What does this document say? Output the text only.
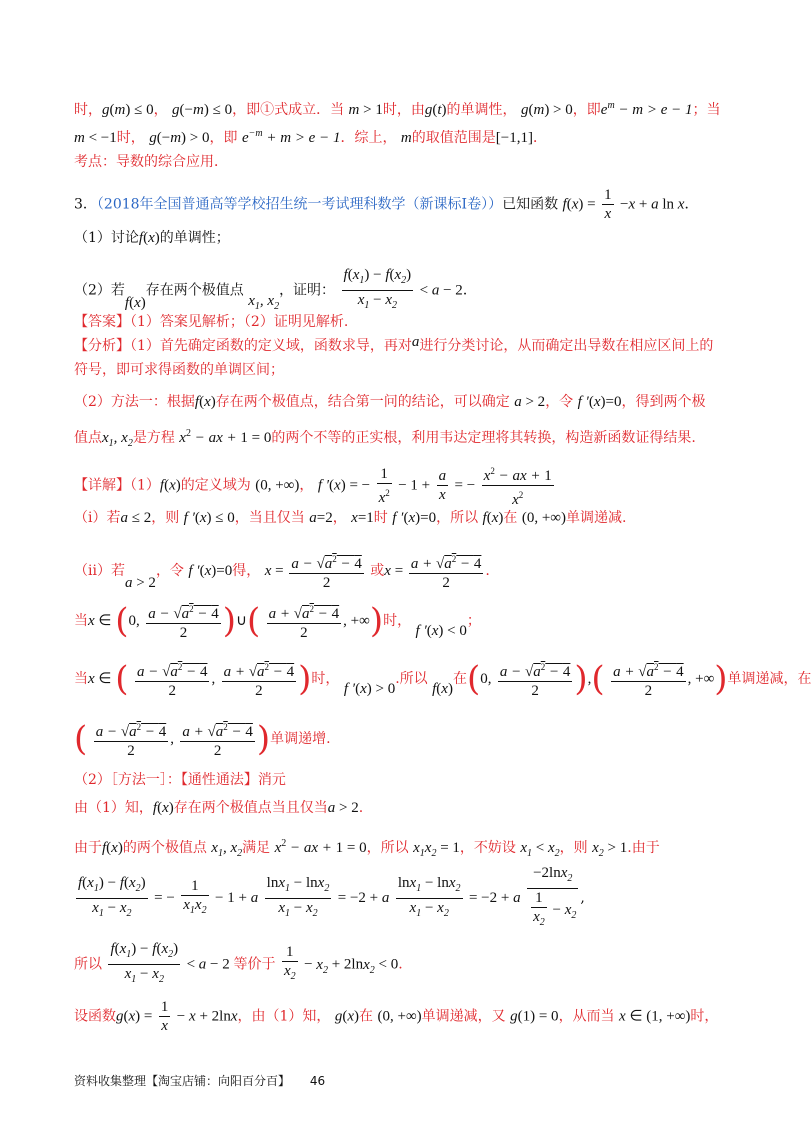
时，g(m) ≤ 0， g(−m) ≤ 0，即①式成立．当 m > 1时，由g(t)的单调性， g(m) > 0，即$e^m - m > e - 1$；当
m < −1时， g(−m) > 0，即 $e^{-m} + m > e - 1$．综上， m的取值范围是[−1,1]．
考点：导数的综合应用．
3．（2018年全国普通高等学校招生统一考试理科数学（新课标I卷））已知函数 $f(x) = \frac{1}{x} -x + a$ ln x．
（1）讨论f(x)的单调性；
（2）若f(x)存在两个极值点 $x_1$, $x_2$，证明： $\frac{f(x_1) - f(x_2)}{x_1 - x_2} < a - 2$．
【答案】（1）答案见解析；（2）证明见解析.
【分析】（1）首先确定函数的定义域，函数求导，再对a进行分类讨论，从而确定出导数在相应区间上的
符号，即可求得函数的单调区间；
（2）方法一：根据f(x)存在两个极值点，结合第一问的结论，可以确定 a > 2，令 f ′(x)=0，得到两个极
值点$x_1$, $x_2$是方程 $x^2$ − ax + 1 = 0的两个不等的正实根，利用韦达定理将其转换，构造新函数证得结果.
【详解】（1）f(x)的定义域为 (0, +∞)， f ′(x) = − $\frac{1}{x^2} - 1 + \frac{a}{x}$ = − $\frac{x^2 - ax + 1}{x^2}$
（i）若a ≤ 2，则 f ′(x) ≤ 0，当且仅当 a=2， x=1时 f ′(x)=0，所以 f(x)在 (0, +∞)单调递减.
（ii）若a > 2，令 f ′(x)=0得， $x = \frac{a - √a^2 - 4}{2}$ 或$x = \frac{a + √a^2 - 4}{2}$ .
当x ∈ (0, $\frac{a - √a^2 - 4}{2}$ )∪( $\frac{a + √a^2 - 4}{2}$ , +∞)时， f ′(x) < 0；
当x ∈ ( $\frac{a - √a^2 - 4}{2}$ , $\frac{a + √a^2 - 4}{2}$ )时， f ′(x) > 0.所以 f(x)在(0, $\frac{a - √a^2 - 4}{2}$ ),( $\frac{a + √a^2 - 4}{2}$ , +∞)单调递减，在
( $\frac{a - √a^2 - 4}{2}$ , $\frac{a + √a^2 - 4}{2}$ )单调递增.
（2）［方法一］：【通性通法】消元
由（1）知，f(x)存在两个极值点当且仅当a > 2.
由于f(x)的两个极值点 $x_1$, $x_2$满足 $x^2$ − ax + 1 = 0，所以 $x_1x_2 = 1$，不妨设 $x_1 < x_2$，则 $x_2 > 1$.由于
$\frac{f(x_1) - f(x_2)}{x_1 - x_2}$ = − $\frac{1}{x_1x_2} - 1 + a \frac{\ln x_1 - \ln x_2}{x_1 - x_2} = -2 + a \frac{\ln x_1 - \ln x_2}{x_1 - x_2} = -2 + a \frac{-2\ln x_2}{\frac{1}{x_2} - x_2}$ ,
所以 $\frac{f(x_1) - f(x_2)}{x_1 - x_2} < a - 2$ 等价于 $\frac{1}{x_2} - x_2 + 2\ln x_2 < 0$.
设函数$g(x) = \frac{1}{x} - x + 2\ln x$，由（1）知， g(x)在 (0, +∞)单调递减，又 g(1) = 0，从而当 x ∈ (1, +∞)时，
资料收集整理【淘宝店铺：向阳百分百】 46
